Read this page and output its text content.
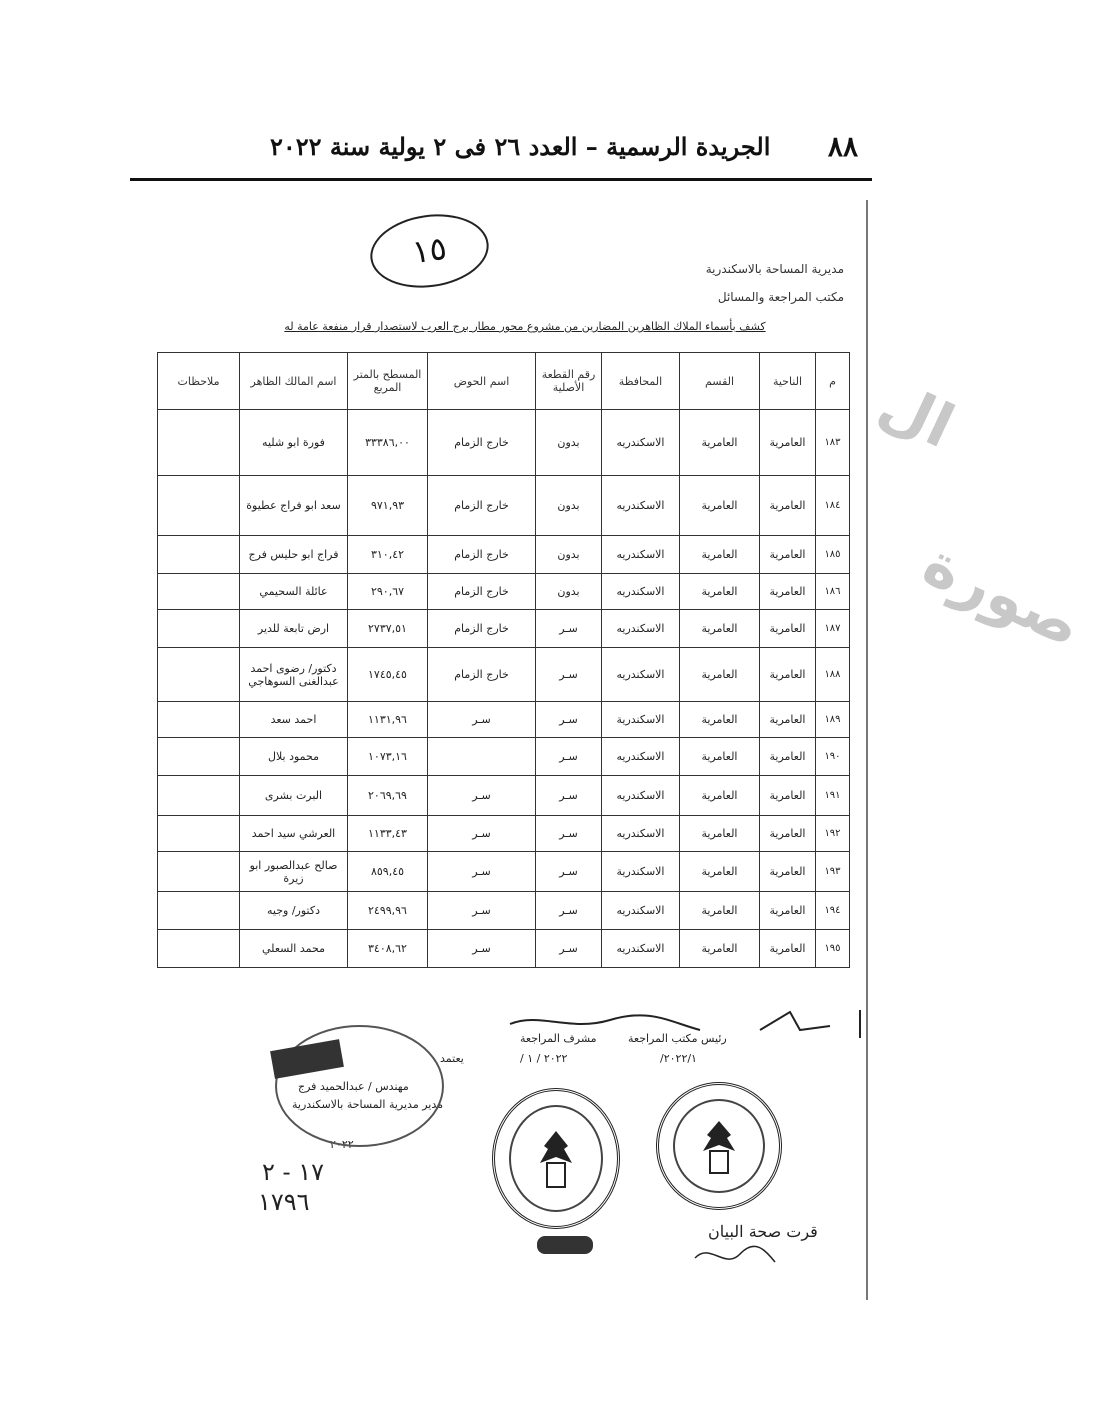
٨٨
الجريدة الرسمية – العدد ٢٦ فى ٢ يولية سنة ٢٠٢٢
ال
صورة
مديرية المساحة بالاسكندرية
مكتب المراجعة والمسائل
١٥
كشف بأسماء الملاك الظاهرين المضارين من مشروع محور مطار برج العرب لاستصدار قرار منفعة عامة له
م	الناحية	القسم	المحافظة	رقم القطعة الأصلية	اسم الحوض	المسطح بالمتر المربع	اسم المالك الظاهر	ملاحظات
١٨٣	العامرية	العامرية	الاسكندريه	بدون	خارج الزمام	٣٣٣٨٦,٠٠	فورة ابو شليه	
١٨٤	العامرية	العامرية	الاسكندريه	بدون	خارج الزمام	٩٧١,٩٣	سعد ابو فراج عطيوة	
١٨٥	العامرية	العامرية	الاسكندريه	بدون	خارج الزمام	٣١٠,٤٢	فراج ابو حليس فرج	
١٨٦	العامرية	العامرية	الاسكندريه	بدون	خارج الزمام	٢٩٠,٦٧	عائلة السحيمي	
١٨٧	العامرية	العامرية	الاسكندريه	سـر	خارج الزمام	٢٧٣٧,٥١	ارض تابعة للدير	
١٨٨	العامرية	العامرية	الاسكندريه	سـر	خارج الزمام	١٧٤٥,٤٥	دكتور/ رضوى احمد عبدالغنى السوهاجي	
١٨٩	العامرية	العامرية	الاسكندرية	سـر	سـر	١١٣١,٩٦	احمد سعد	
١٩٠	العامرية	العامرية	الاسكندريه	سـر		١٠٧٣,١٦	محمود بلال	
١٩١	العامرية	العامرية	الاسكندريه	سـر	سـر	٢٠٦٩,٦٩	البرت بشرى	
١٩٢	العامرية	العامرية	الاسكندريه	سـر	سـر	١١٣٣,٤٣	العرشي سيد احمد	
١٩٣	العامرية	العامرية	الاسكندرية	سـر	سـر	٨٥٩,٤٥	صالح عبدالصبور ابو زيرة	
١٩٤	العامرية	العامرية	الاسكندريه	سـر	سـر	٢٤٩٩,٩٦	دكتور/ وجيه	
١٩٥	العامرية	العامرية	الاسكندريه	سـر	سـر	٣٤٠٨,٦٢	محمد السعلي	
رئيس مكتب المراجعة
٢٠٢٢/١/
مشرف المراجعة
٢٠٢٢ / ١ /
يعتمد
مهندس / عبدالحميد فرج
مدير مديرية المساحة بالاسكندرية
٢٠٢٢
١٧ - ٢
١٧٩٦
قرت صحة البيان
